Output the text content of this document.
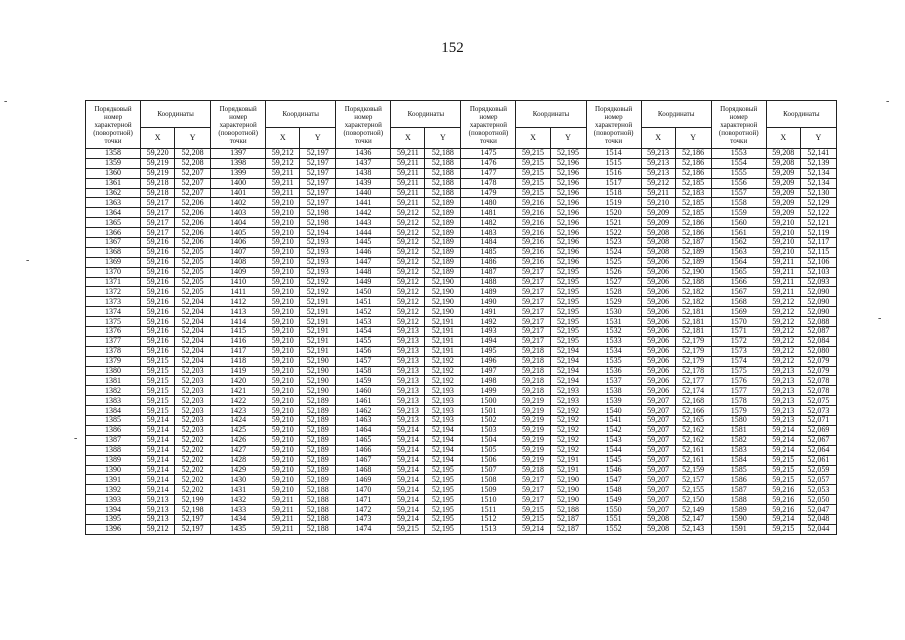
152
-	-
-
-
-
Порядковый номер характерной (поворотной) точки	Координаты		Порядковый номер характерной (поворотной) точки	Координаты		Порядковый номер характерной (поворотной) точки	Координаты		Порядковый номер характерной (поворотной) точки	Координаты		Порядковый номер характерной (поворотной) точки	Координаты		Порядковый номер характерной (поворотной) точки	Координаты	
	X	Y		X	Y		X	Y		X	Y		X	Y		X	Y
1358	59,220	52,208	1397	59,212	52,197	1436	59,211	52,188	1475	59,215	52,195	1514	59,213	52,186	1553	59,208	52,141
1359	59,219	52,208	1398	59,212	52,197	1437	59,211	52,188	1476	59,215	52,196	1515	59,213	52,186	1554	59,208	52,139
1360	59,219	52,207	1399	59,211	52,197	1438	59,211	52,188	1477	59,215	52,196	1516	59,213	52,186	1555	59,209	52,134
1361	59,218	52,207	1400	59,211	52,197	1439	59,211	52,188	1478	59,215	52,196	1517	59,212	52,185	1556	59,209	52,134
1362	59,218	52,207	1401	59,211	52,197	1440	59,211	52,188	1479	59,215	52,196	1518	59,211	52,183	1557	59,209	52,130
1363	59,217	52,206	1402	59,210	52,197	1441	59,211	52,189	1480	59,216	52,196	1519	59,210	52,185	1558	59,209	52,129
1364	59,217	52,206	1403	59,210	52,198	1442	59,212	52,189	1481	59,216	52,196	1520	59,209	52,185	1559	59,209	52,122
1365	59,217	52,206	1404	59,210	52,198	1443	59,212	52,189	1482	59,216	52,196	1521	59,209	52,186	1560	59,210	52,121
1366	59,217	52,206	1405	59,210	52,194	1444	59,212	52,189	1483	59,216	52,196	1522	59,208	52,186	1561	59,210	52,119
1367	59,216	52,206	1406	59,210	52,193	1445	59,212	52,189	1484	59,216	52,196	1523	59,208	52,187	1562	59,210	52,117
1368	59,216	52,205	1407	59,210	52,193	1446	59,212	52,189	1485	59,216	52,196	1524	59,208	52,189	1563	59,210	52,115
1369	59,216	52,205	1408	59,210	52,193	1447	59,212	52,189	1486	59,216	52,196	1525	59,206	52,189	1564	59,211	52,106
1370	59,216	52,205	1409	59,210	52,193	1448	59,212	52,189	1487	59,217	52,195	1526	59,206	52,190	1565	59,211	52,103
1371	59,216	52,205	1410	59,210	52,192	1449	59,212	52,190	1488	59,217	52,195	1527	59,206	52,188	1566	59,211	52,093
1372	59,216	52,205	1411	59,210	52,192	1450	59,212	52,190	1489	59,217	52,195	1528	59,206	52,182	1567	59,211	52,090
1373	59,216	52,204	1412	59,210	52,191	1451	59,212	52,190	1490	59,217	52,195	1529	59,206	52,182	1568	59,212	52,090
1374	59,216	52,204	1413	59,210	52,191	1452	59,212	52,190	1491	59,217	52,195	1530	59,206	52,181	1569	59,212	52,090
1375	59,216	52,204	1414	59,210	52,191	1453	59,212	52,191	1492	59,217	52,195	1531	59,206	52,181	1570	59,212	52,088
1376	59,216	52,204	1415	59,210	52,191	1454	59,213	52,191	1493	59,217	52,195	1532	59,206	52,181	1571	59,212	52,087
1377	59,216	52,204	1416	59,210	52,191	1455	59,213	52,191	1494	59,217	52,195	1533	59,206	52,179	1572	59,212	52,084
1378	59,216	52,204	1417	59,210	52,191	1456	59,213	52,191	1495	59,218	52,194	1534	59,206	52,179	1573	59,212	52,080
1379	59,215	52,204	1418	59,210	52,190	1457	59,213	52,192	1496	59,218	52,194	1535	59,206	52,179	1574	59,212	52,079
1380	59,215	52,203	1419	59,210	52,190	1458	59,213	52,192	1497	59,218	52,194	1536	59,206	52,178	1575	59,213	52,079
1381	59,215	52,203	1420	59,210	52,190	1459	59,213	52,192	1498	59,218	52,194	1537	59,206	52,177	1576	59,213	52,078
1382	59,215	52,203	1421	59,210	52,190	1460	59,213	52,193	1499	59,218	52,193	1538	59,206	52,174	1577	59,213	52,078
1383	59,215	52,203	1422	59,210	52,189	1461	59,213	52,193	1500	59,219	52,193	1539	59,207	52,168	1578	59,213	52,075
1384	59,215	52,203	1423	59,210	52,189	1462	59,213	52,193	1501	59,219	52,192	1540	59,207	52,166	1579	59,213	52,073
1385	59,214	52,203	1424	59,210	52,189	1463	59,213	52,193	1502	59,219	52,192	1541	59,207	52,165	1580	59,213	52,071
1386	59,214	52,203	1425	59,210	52,189	1464	59,214	52,194	1503	59,219	52,192	1542	59,207	52,162	1581	59,214	52,069
1387	59,214	52,202	1426	59,210	52,189	1465	59,214	52,194	1504	59,219	52,192	1543	59,207	52,162	1582	59,214	52,067
1388	59,214	52,202	1427	59,210	52,189	1466	59,214	52,194	1505	59,219	52,192	1544	59,207	52,161	1583	59,214	52,064
1389	59,214	52,202	1428	59,210	52,189	1467	59,214	52,194	1506	59,219	52,191	1545	59,207	52,161	1584	59,215	52,061
1390	59,214	52,202	1429	59,210	52,189	1468	59,214	52,195	1507	59,218	52,191	1546	59,207	52,159	1585	59,215	52,059
1391	59,214	52,202	1430	59,210	52,189	1469	59,214	52,195	1508	59,217	52,190	1547	59,207	52,157	1586	59,215	52,057
1392	59,214	52,202	1431	59,210	52,188	1470	59,214	52,195	1509	59,217	52,190	1548	59,207	52,155	1587	59,216	52,053
1393	59,213	52,199	1432	59,211	52,188	1471	59,214	52,195	1510	59,217	52,190	1549	59,207	52,150	1588	59,216	52,050
1394	59,213	52,198	1433	59,211	52,188	1472	59,214	52,195	1511	59,215	52,188	1550	59,207	52,149	1589	59,216	52,047
1395	59,213	52,197	1434	59,211	52,188	1473	59,214	52,195	1512	59,215	52,187	1551	59,208	52,147	1590	59,214	52,048
1396	59,212	52,197	1435	59,211	52,188	1474	59,215	52,195	1513	59,214	52,187	1552	59,208	52,143	1591	59,215	52,044
